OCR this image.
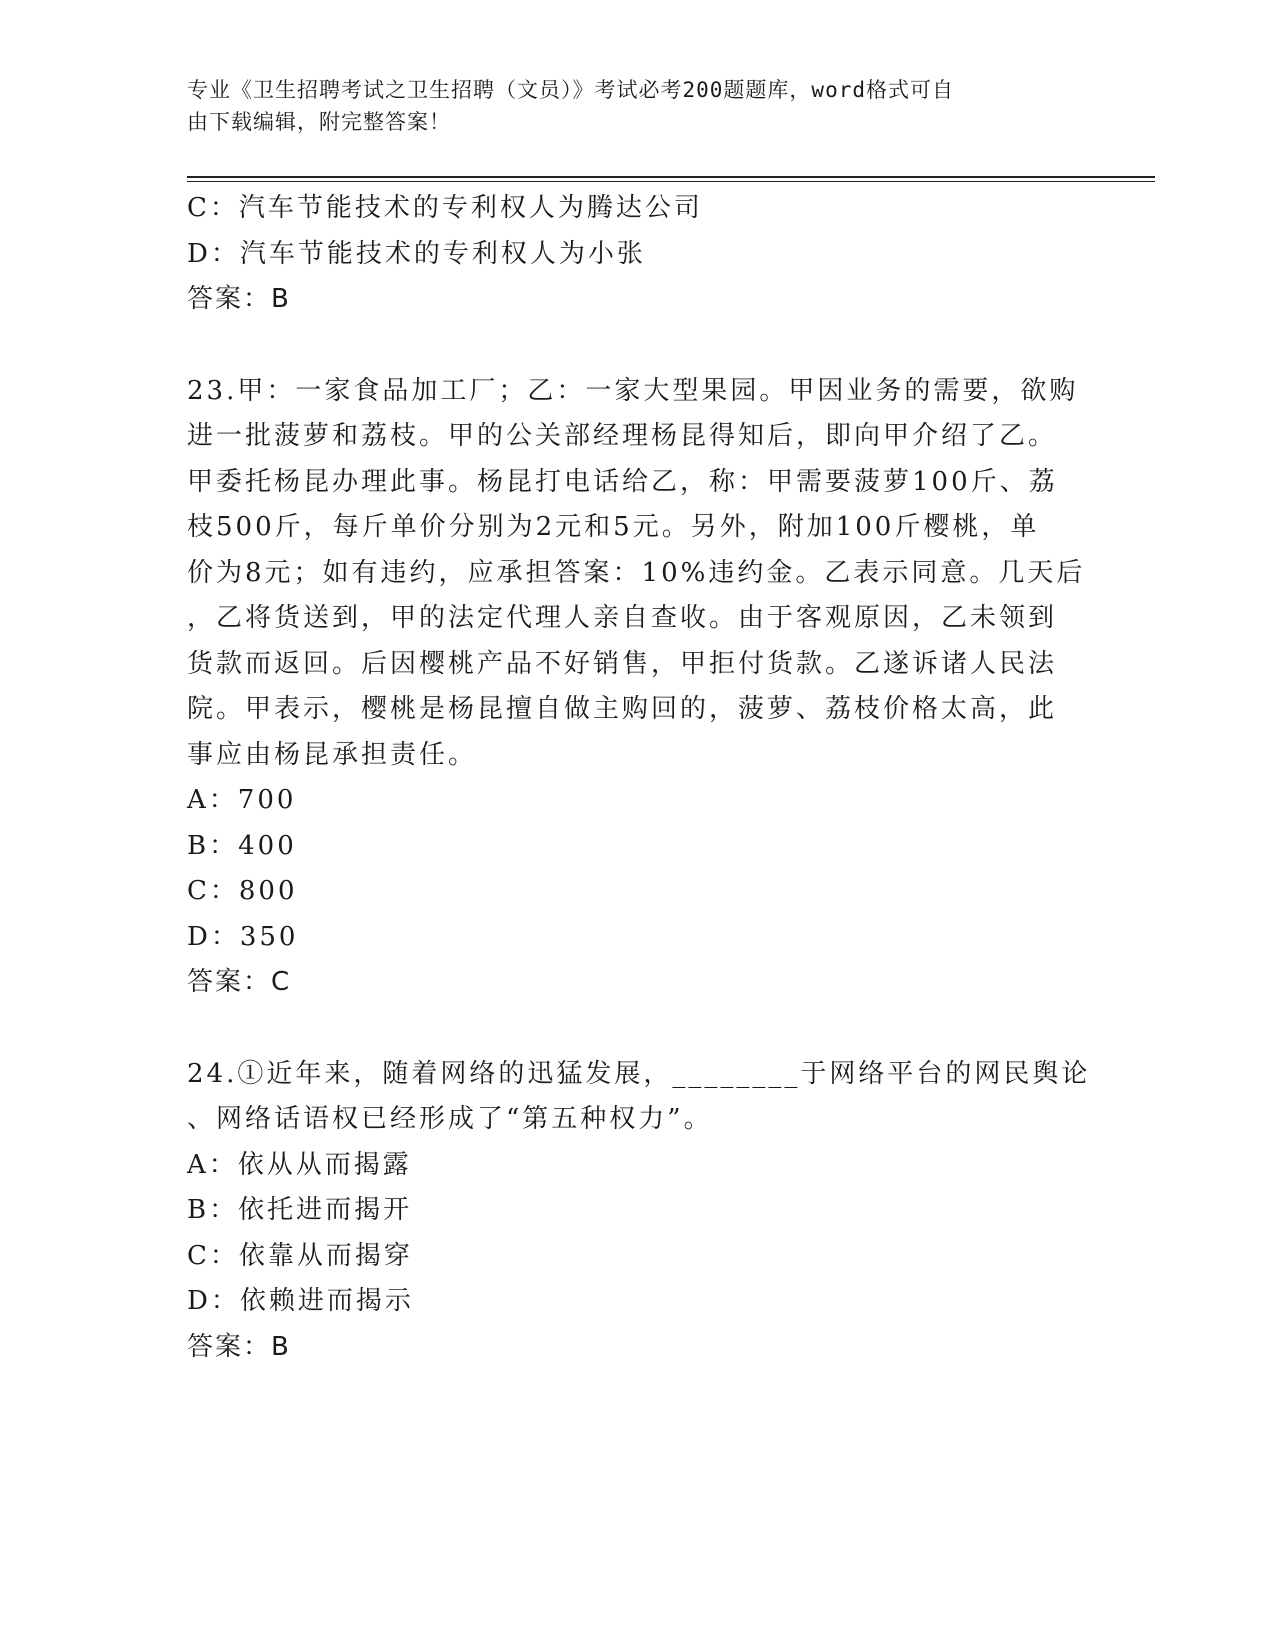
专业《卫生招聘考试之卫生招聘（文员）》考试必考200题题库，word格式可自
由下载编辑，附完整答案！
C：汽车节能技术的专利权人为腾达公司
D：汽车节能技术的专利权人为小张
答案：B
23.甲：一家食品加工厂；乙：一家大型果园。甲因业务的需要，欲购
进一批菠萝和荔枝。甲的公关部经理杨昆得知后，即向甲介绍了乙。
甲委托杨昆办理此事。杨昆打电话给乙，称：甲需要菠萝100斤、荔
枝500斤，每斤单价分别为2元和5元。另外，附加100斤樱桃，单
价为8元；如有违约，应承担答案：10%违约金。乙表示同意。几天后
，乙将货送到，甲的法定代理人亲自查收。由于客观原因，乙未领到
货款而返回。后因樱桃产品不好销售，甲拒付货款。乙遂诉诸人民法
院。甲表示，樱桃是杨昆擅自做主购回的，菠萝、荔枝价格太高，此
事应由杨昆承担责任。
A：700
B：400
C：800
D：350
答案：C
24.①近年来，随着网络的迅猛发展，________于网络平台的网民舆论
、网络话语权已经形成了“第五种权力”。
A：依从从而揭露
B：依托进而揭开
C：依靠从而揭穿
D：依赖进而揭示
答案：B
